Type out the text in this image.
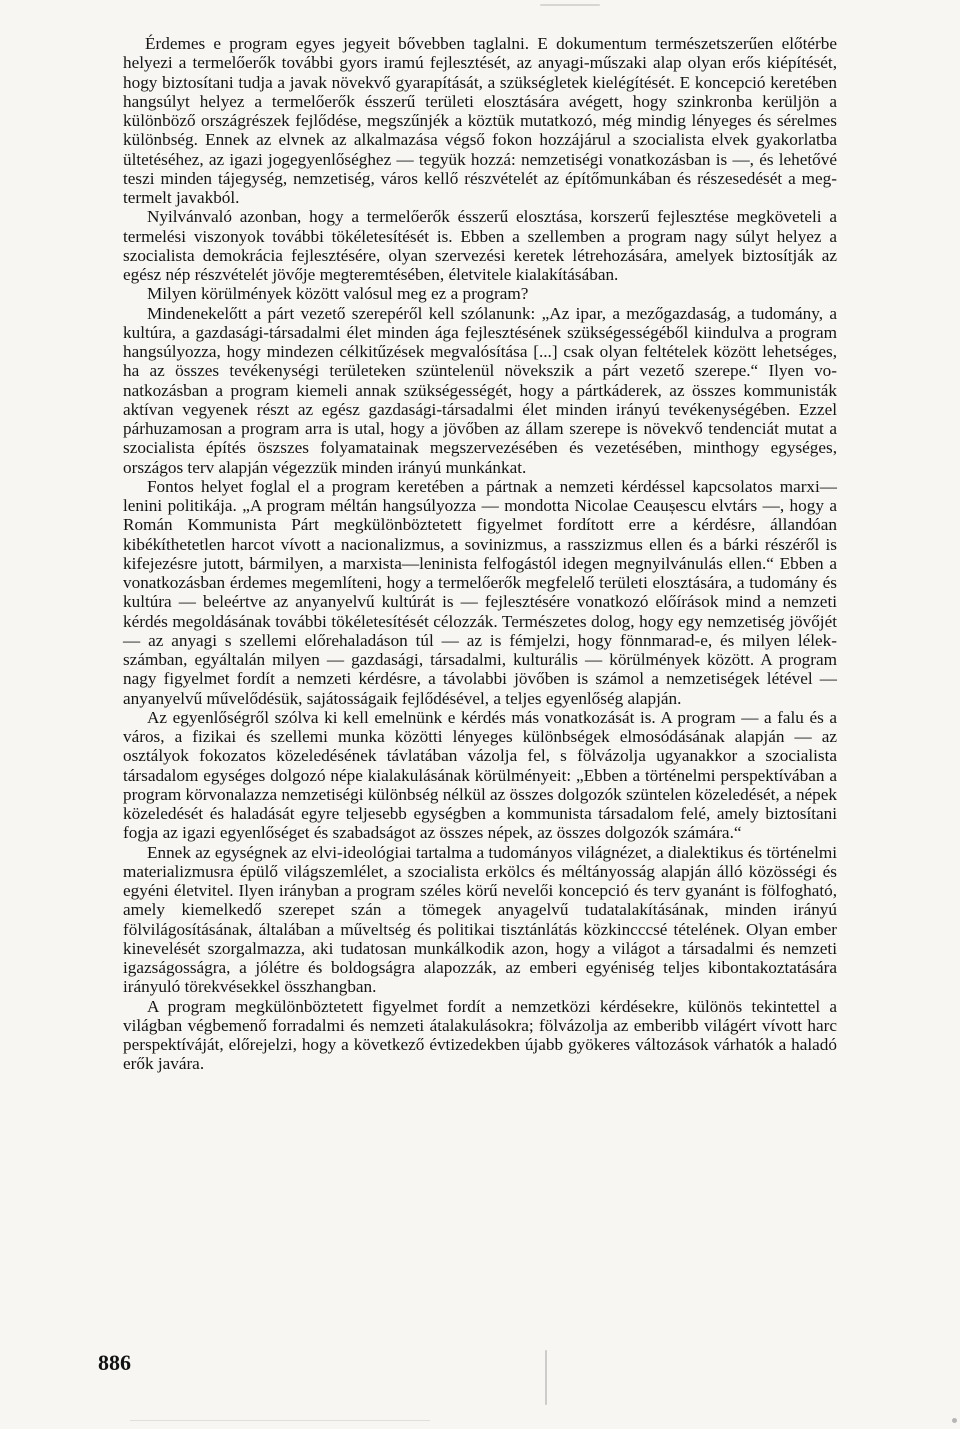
Érdemes e program egyes jegyeit bővebben taglalni. E dokumentum természetszerűen előtérbe helyezi a termelőerők további gyors iramú fejlesztését, az anyagi-műszaki alap olyan erős kiépítését, hogy biztosítani tudja a javak növekvő gyarapítását, a szükségletek kielégítését. E koncepció keretében hangsúlyt helyez a termelőerők ésszerű területi elosztására avégett, hogy szinkronba kerüljön a különböző országrészek fejlődése, megszűnjék a köztük mutatkozó, még mindig lényeges és sérelmes különbség. Ennek az elvnek az alkalmazása végső fokon hozzájárul a szocialista elvek gyakorlatba ültetéséhez, az igazi jogegyenlőséghez — tegyük hozzá: nemzetiségi vonatkozásban is —, és lehetővé teszi minden tájegység, nemzetiség, város kellő részvételét az építőmunkában és részesedését a megtermelt javakból.

Nyilvánvaló azonban, hogy a termelőerők ésszerű elosztása, korszerű fejlesztése megköveteli a termelési viszonyok további tökéletesítését is. Ebben a szellemben a program nagy súlyt helyez a szocialista demokrácia fejlesztésére, olyan szervezési keretek létrehozására, amelyek biztosítják az egész nép részvételét jövője megteremtésében, életvitele kialakításában.

Milyen körülmények között valósul meg ez a program?

Mindenekelőtt a párt vezető szerepéről kell szólanunk: „Az ipar, a mezőgazdaság, a tudomány, a kultúra, a gazdasági-társadalmi élet minden ága fejlesztésének szükségességéből kiindulva a program hangsúlyozza, hogy mindezen célkitűzések megvalósítása [...] csak olyan feltételek között lehetséges, ha az összes tevékenységi területeken szüntelenül növekszik a párt vezető szerepe.“ Ilyen vonatkozásban a program kiemeli annak szükségességét, hogy a pártkáderek, az összes kommunisták aktívan vegyenek részt az egész gazdasági-társadalmi élet minden irányú tevékenységében. Ezzel párhuzamosan a program arra is utal, hogy a jövőben az állam szerepe is növekvő tendenciát mutat a szocialista építés öszszes folyamatainak megszervezésében és vezetésében, minthogy egységes, országos terv alapján végezzük minden irányú munkánkat.

Fontos helyet foglal el a program keretében a pártnak a nemzeti kérdéssel kapcsolatos marxi—lenini politikája. „A program méltán hangsúlyozza — mondotta Nicolae Ceaușescu elvtárs —, hogy a Román Kommunista Párt megkülönböztetett figyelmet fordított erre a kérdésre, állandóan kibékíthetetlen harcot vívott a nacionalizmus, a sovinizmus, a rasszizmus ellen és a bárki részéről is kifejezésre jutott, bármilyen, a marxista—leninista felfogástól idegen megnyilvánulás ellen.“ Ebben a vonatkozásban érdemes megemlíteni, hogy a termelőerők megfelelő területi elosztására, a tudomány és kultúra — beleértve az anyanyelvű kultúrát is — fejlesztésére vonatkozó előírások mind a nemzeti kérdés megoldásának további tökéletesítését célozzák. Természetes dolog, hogy egy nemzetiség jövőjét — az anyagi s szellemi előrehaladáson túl — az is fémjelzi, hogy fönnmarad-e, és milyen lélekszámban, egyáltalán milyen — gazdasági, társadalmi, kulturális — körülmények között. A program nagy figyelmet fordít a nemzeti kérdésre, a távolabbi jövőben is számol a nemzetiségek létével — anyanyelvű művelődésük, sajátosságaik fejlődésével, a teljes egyenlőség alapján.

Az egyenlőségről szólva ki kell emelnünk e kérdés más vonatkozását is. A program — a falu és a város, a fizikai és szellemi munka közötti lényeges különbségek elmosódásának alapján — az osztályok fokozatos közeledésének távlatában vázolja fel, s fölvázolja ugyanakkor a szocialista társadalom egységes dolgozó népe kialakulásának körülményeit: „Ebben a történelmi perspektívában a program körvonalazza nemzetiségi különbség nélkül az összes dolgozók szüntelen közeledését, a népek közeledését és haladását egyre teljesebb egységben a kommunista társadalom felé, amely biztosítani fogja az igazi egyenlőséget és szabadságot az összes népek, az összes dolgozók számára.“

Ennek az egységnek az elvi-ideológiai tartalma a tudományos világnézet, a dialektikus és történelmi materializmusra épülő világszemlélet, a szocialista erkölcs és méltányosság alapján álló közösségi és egyéni életvitel. Ilyen irányban a program széles körű nevelői koncepció és terv gyanánt is fölfogható, amely kiemelkedő szerepet szán a tömegek anyagelvű tudatalakításának, minden irányú fölvilágosításának, általában a műveltség és politikai tisztánlátás közkincccsé tételének. Olyan ember kinevelését szorgalmazza, aki tudatosan munkálkodik azon, hogy a világot a társadalmi és nemzeti igazságosságra, a jólétre és boldogságra alapozzák, az emberi egyéniség teljes kibontakoztatására irányuló törekvésekkel összhangban.

A program megkülönböztetett figyelmet fordít a nemzetközi kérdésekre, különös tekintettel a világban végbemenő forradalmi és nemzeti átalakulásokra; fölvázolja az emberibb világért vívott harc perspektíváját, előrejelzi, hogy a következő évtizedekben újabb gyökeres változások várhatók a haladó erők javára.

886
